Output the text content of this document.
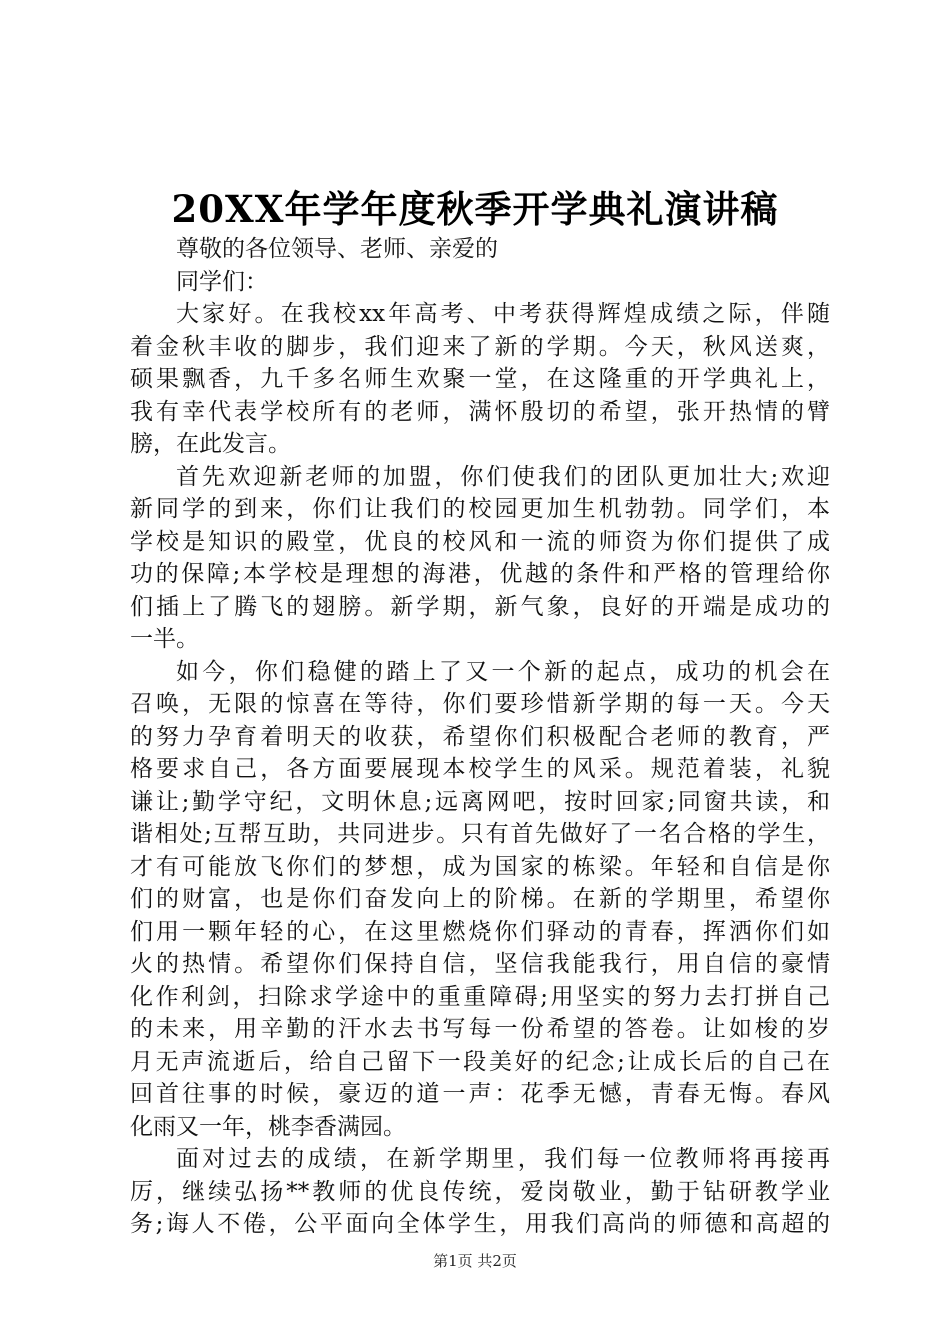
20XX年学年度秋季开学典礼演讲稿
尊敬的各位领导、老师、亲爱的
同学们：
大家好。在我校xx年高考、中考获得辉煌成绩之际，伴随
着金秋丰收的脚步，我们迎来了新的学期。今天，秋风送爽，
硕果飘香，九千多名师生欢聚一堂，在这隆重的开学典礼上，
我有幸代表学校所有的老师，满怀殷切的希望，张开热情的臂
膀，在此发言。
首先欢迎新老师的加盟，你们使我们的团队更加壮大;欢迎
新同学的到来，你们让我们的校园更加生机勃勃。同学们，本
学校是知识的殿堂，优良的校风和一流的师资为你们提供了成
功的保障;本学校是理想的海港，优越的条件和严格的管理给你
们插上了腾飞的翅膀。新学期，新气象，良好的开端是成功的
一半。
如今，你们稳健的踏上了又一个新的起点，成功的机会在
召唤，无限的惊喜在等待，你们要珍惜新学期的每一天。今天
的努力孕育着明天的收获，希望你们积极配合老师的教育，严
格要求自己，各方面要展现本校学生的风采。规范着装，礼貌
谦让;勤学守纪，文明休息;远离网吧，按时回家;同窗共读，和
谐相处;互帮互助，共同进步。只有首先做好了一名合格的学生，
才有可能放飞你们的梦想，成为国家的栋梁。年轻和自信是你
们的财富，也是你们奋发向上的阶梯。在新的学期里，希望你
们用一颗年轻的心，在这里燃烧你们驿动的青春，挥洒你们如
火的热情。希望你们保持自信，坚信我能我行，用自信的豪情
化作利剑，扫除求学途中的重重障碍;用坚实的努力去打拼自己
的未来，用辛勤的汗水去书写每一份希望的答卷。让如梭的岁
月无声流逝后，给自己留下一段美好的纪念;让成长后的自己在
回首往事的时候，豪迈的道一声：花季无憾，青春无悔。春风
化雨又一年，桃李香满园。
面对过去的成绩，在新学期里，我们每一位教师将再接再
厉，继续弘扬**教师的优良传统，爱岗敬业，勤于钻研教学业
务;诲人不倦，公平面向全体学生，用我们高尚的师德和高超的
第1页 共2页
